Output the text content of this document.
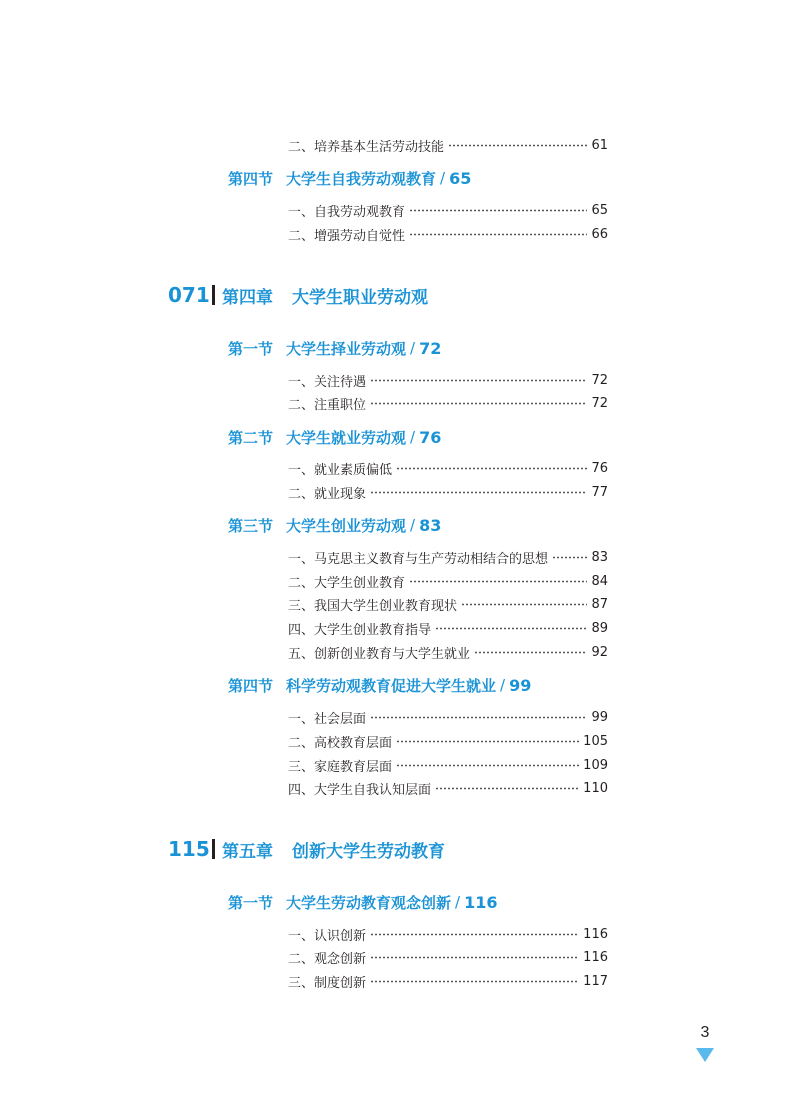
二、培养基本生活劳动技能	61
第四节 大学生自我劳动观教育 / 65
一、自我劳动观教育	65
二、增强劳动自觉性	66
071 第四章	大学生职业劳动观
第一节 大学生择业劳动观 / 72
一、关注待遇	72
二、注重职位	72
第二节 大学生就业劳动观 / 76
一、就业素质偏低	76
二、就业现象	77
第三节 大学生创业劳动观 / 83
一、马克思主义教育与生产劳动相结合的思想	83
二、大学生创业教育	84
三、我国大学生创业教育现状	87
四、大学生创业教育指导	89
五、创新创业教育与大学生就业	92
第四节 科学劳动观教育促进大学生就业 / 99
一、社会层面	99
二、高校教育层面	105
三、家庭教育层面	109
四、大学生自我认知层面	110
115 第五章	创新大学生劳动教育
第一节 大学生劳动教育观念创新 / 116
一、认识创新	116
二、观念创新	116
三、制度创新	117
3
